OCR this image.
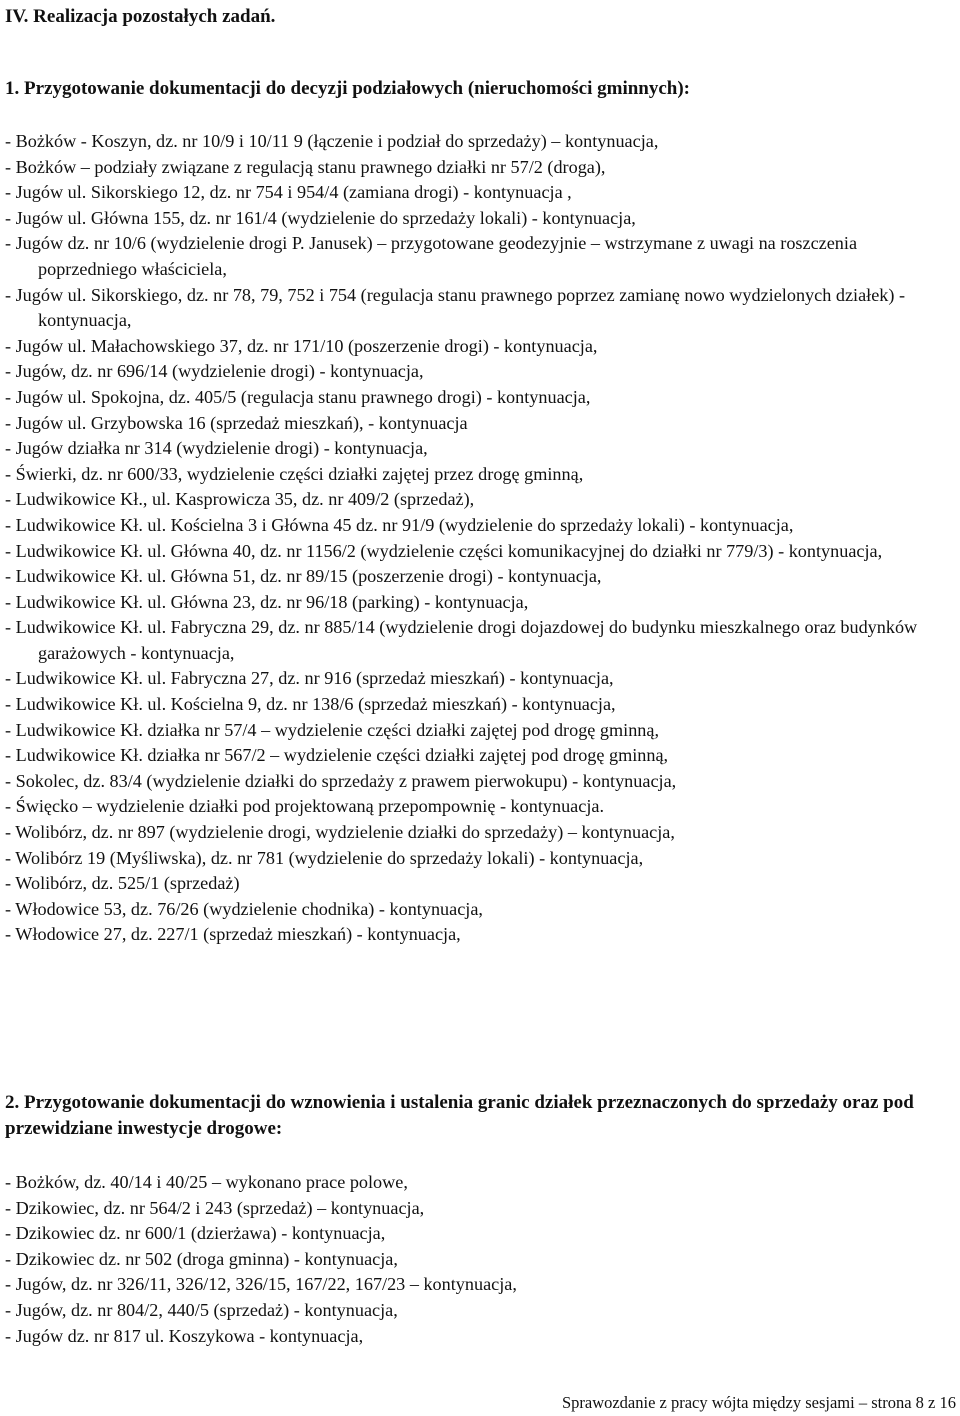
IV. Realizacja pozostałych zadań.
1. Przygotowanie dokumentacji do decyzji podziałowych (nieruchomości gminnych):
- Bożków - Koszyn, dz. nr 10/9 i 10/11 9 (łączenie i podział do sprzedaży) – kontynuacja,
- Bożków – podziały związane z regulacją stanu prawnego działki nr 57/2 (droga),
- Jugów ul. Sikorskiego 12, dz. nr 754 i 954/4 (zamiana drogi) - kontynuacja ,
- Jugów ul. Główna 155, dz. nr 161/4 (wydzielenie do sprzedaży lokali) - kontynuacja,
- Jugów dz. nr 10/6 (wydzielenie drogi P. Janusek) – przygotowane geodezyjnie – wstrzymane z uwagi na roszczenia poprzedniego właściciela,
- Jugów ul. Sikorskiego, dz. nr 78, 79, 752 i 754 (regulacja stanu prawnego poprzez zamianę nowo wydzielonych działek) - kontynuacja,
- Jugów ul. Małachowskiego 37, dz. nr 171/10 (poszerzenie drogi) - kontynuacja,
- Jugów, dz. nr 696/14 (wydzielenie drogi) - kontynuacja,
- Jugów ul. Spokojna, dz. 405/5 (regulacja stanu prawnego drogi) - kontynuacja,
- Jugów ul. Grzybowska 16 (sprzedaż mieszkań), - kontynuacja
- Jugów działka nr 314 (wydzielenie drogi) - kontynuacja,
- Świerki, dz. nr 600/33, wydzielenie części działki zajętej przez drogę gminną,
- Ludwikowice Kł., ul. Kasprowicza 35, dz. nr 409/2 (sprzedaż),
- Ludwikowice Kł. ul. Kościelna 3 i Główna 45 dz. nr 91/9 (wydzielenie do sprzedaży lokali) - kontynuacja,
- Ludwikowice Kł. ul. Główna 40, dz. nr 1156/2 (wydzielenie części komunikacyjnej do działki nr 779/3) - kontynuacja,
- Ludwikowice Kł. ul. Główna 51, dz. nr 89/15 (poszerzenie drogi) - kontynuacja,
- Ludwikowice Kł. ul. Główna 23, dz. nr 96/18 (parking) - kontynuacja,
- Ludwikowice Kł. ul. Fabryczna 29, dz. nr 885/14 (wydzielenie drogi dojazdowej do budynku mieszkalnego oraz budynków garażowych - kontynuacja,
- Ludwikowice Kł. ul. Fabryczna 27, dz. nr 916 (sprzedaż mieszkań) - kontynuacja,
- Ludwikowice Kł. ul. Kościelna 9, dz. nr 138/6 (sprzedaż mieszkań) - kontynuacja,
- Ludwikowice Kł. działka nr 57/4 – wydzielenie części działki zajętej pod drogę gminną,
- Ludwikowice Kł. działka nr 567/2 – wydzielenie części działki zajętej pod drogę gminną,
- Sokolec, dz. 83/4 (wydzielenie działki do sprzedaży z prawem pierwokupu) - kontynuacja,
- Święcko – wydzielenie działki pod projektowaną przepompownię - kontynuacja.
- Wolibórz, dz. nr 897 (wydzielenie drogi, wydzielenie działki do sprzedaży) – kontynuacja,
- Wolibórz 19 (Myśliwska), dz. nr 781 (wydzielenie do sprzedaży lokali) - kontynuacja,
- Wolibórz, dz. 525/1 (sprzedaż)
- Włodowice 53, dz. 76/26 (wydzielenie chodnika) - kontynuacja,
- Włodowice 27, dz. 227/1 (sprzedaż mieszkań) - kontynuacja,
2. Przygotowanie dokumentacji do wznowienia i ustalenia granic działek przeznaczonych do sprzedaży oraz pod przewidziane inwestycje drogowe:
- Bożków, dz. 40/14 i 40/25 – wykonano prace polowe,
- Dzikowiec, dz. nr 564/2 i 243 (sprzedaż) – kontynuacja,
- Dzikowiec dz. nr 600/1 (dzierżawa) - kontynuacja,
- Dzikowiec dz. nr 502 (droga gminna) - kontynuacja,
- Jugów, dz. nr 326/11, 326/12, 326/15, 167/22, 167/23 – kontynuacja,
- Jugów, dz. nr 804/2, 440/5 (sprzedaż) - kontynuacja,
- Jugów dz. nr 817 ul. Koszykowa - kontynuacja,
Sprawozdanie z pracy wójta między sesjami – strona 8 z 16
